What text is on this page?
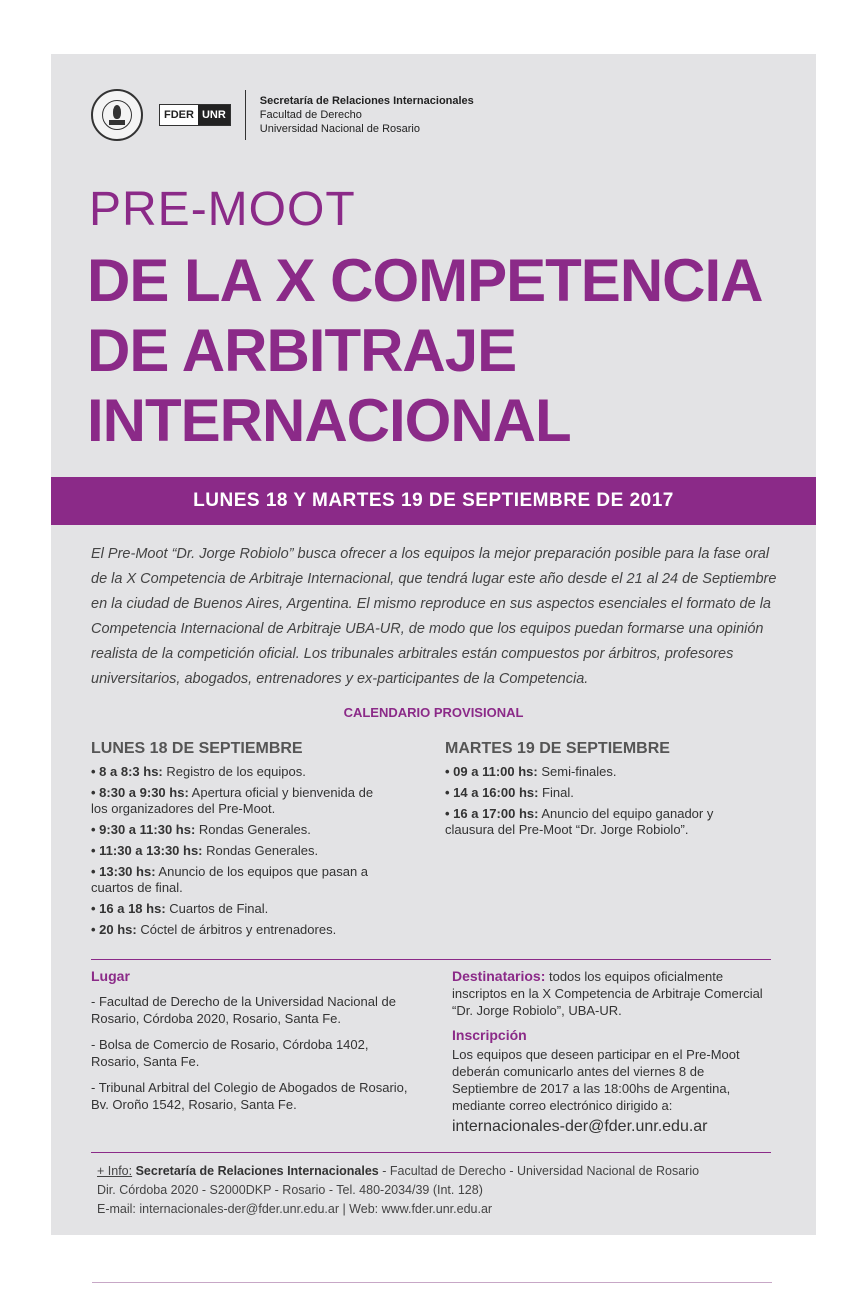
FDER UNR
Secretaría de Relaciones Internacionales
Facultad de Derecho
Universidad Nacional de Rosario
PRE-MOOT
DE LA X COMPETENCIA
DE ARBITRAJE
INTERNACIONAL
LUNES 18 Y MARTES 19 DE SEPTIEMBRE DE 2017
El Pre-Moot “Dr. Jorge Robiolo” busca ofrecer a los equipos la mejor preparación posible para la fase oral de la X Competencia de Arbitraje Internacional, que tendrá lugar este año desde el 21 al 24 de Septiembre en la ciudad de Buenos Aires, Argentina. El mismo reproduce en sus aspectos esenciales el formato de la Competencia Internacional de Arbitraje UBA-UR, de modo que los equipos puedan formarse una opinión realista de la competición oficial. Los tribunales arbitrales están compuestos por árbitros, profesores universitarios, abogados, entrenadores y ex-participantes de la Competencia.
CALENDARIO PROVISIONAL
LUNES 18 DE SEPTIEMBRE
• 8 a 8:3 hs: Registro de los equipos.
• 8:30 a 9:30 hs: Apertura oficial y bienvenida de los organizadores del Pre-Moot.
• 9:30 a 11:30 hs: Rondas Generales.
• 11:30 a 13:30 hs: Rondas Generales.
• 13:30 hs: Anuncio de los equipos que pasan a cuartos de final.
• 16 a 18 hs: Cuartos de Final.
• 20 hs: Cóctel de árbitros y entrenadores.
MARTES 19 DE SEPTIEMBRE
• 09 a 11:00 hs: Semi-finales.
• 14 a 16:00 hs: Final.
• 16 a 17:00 hs: Anuncio del equipo ganador y clausura del Pre-Moot “Dr. Jorge Robiolo”.
Lugar

- Facultad de Derecho de la Universidad Nacional de Rosario, Córdoba 2020, Rosario, Santa Fe.

- Bolsa de Comercio de Rosario, Córdoba 1402, Rosario, Santa Fe.

- Tribunal Arbitral del Colegio de Abogados de Rosario, Bv. Oroño 1542, Rosario, Santa Fe.

Destinatarios: todos los equipos oficialmente inscriptos en la X Competencia de Arbitraje Comercial “Dr. Jorge Robiolo”, UBA-UR.
Inscripción
Los equipos que deseen participar en el Pre-Moot deberán comunicarlo antes del viernes 8 de Septiembre de 2017 a las 18:00hs de Argentina, mediante correo electrónico dirigido a:
internacionales-der@fder.unr.edu.ar
+ Info: Secretaría de Relaciones Internacionales - Facultad de Derecho - Universidad Nacional de Rosario
Dir. Córdoba 2020 - S2000DKP - Rosario - Tel. 480-2034/39 (Int. 128)
E-mail: internacionales-der@fder.unr.edu.ar | Web: www.fder.unr.edu.ar
